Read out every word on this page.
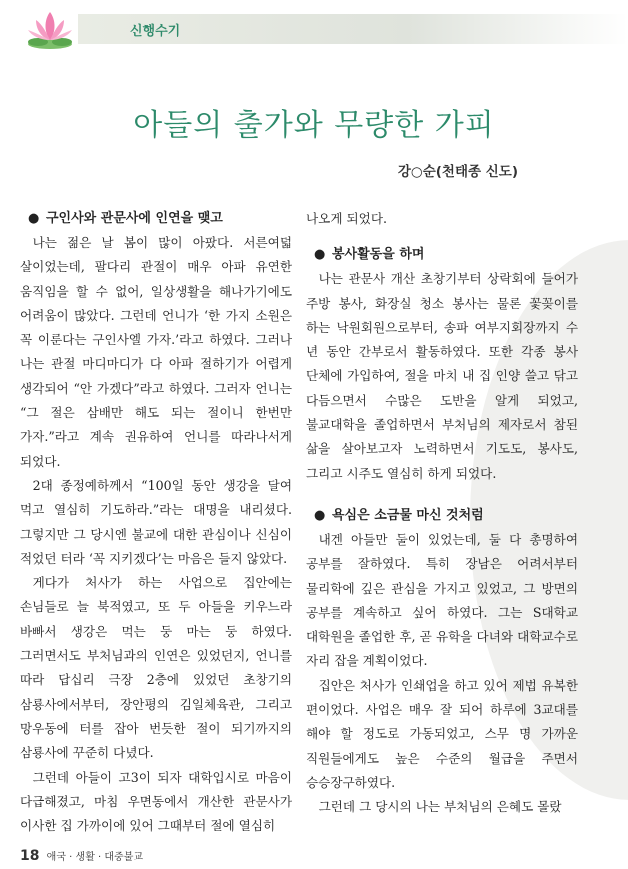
신행수기
아들의 출가와 무량한 가피
강○순(천태종 신도)
● 구인사와 관문사에 인연을 맺고

나는 젊은 날 봄이 많이 아팠다. 서른여덟 살이었는데, 팔다리 관절이 매우 아파 유연한 움직임을 할 수 없어, 일상생활을 해나가기에도 어려움이 많았다. 그런데 언니가 ‘한 가지 소원은 꼭 이룬다는 구인사엘 가자.’라고 하였다. 그러나 나는 관절 마디마디가 다 아파 절하기가 어렵게 생각되어 “안 가겠다”라고 하였다. 그러자 언니는 “그 절은 삼배만 해도 되는 절이니 한번만 가자.”라고 계속 권유하여 언니를 따라나서게 되었다.

2대 종정예하께서 “100일 동안 생강을 달여 먹고 열심히 기도하라.”라는 대명을 내리셨다. 그렇지만 그 당시엔 불교에 대한 관심이나 신심이 적었던 터라 ‘꼭 지키겠다’는 마음은 들지 않았다.

게다가 처사가 하는 사업으로 집안에는 손님들로 늘 북적였고, 또 두 아들을 키우느라 바빠서 생강은 먹는 둥 마는 둥 하였다. 그러면서도 부처님과의 인연은 있었던지, 언니를 따라 답십리 극장 2층에 있었던 초창기의 삼룡사에서부터, 장안평의 김일체육관, 그리고 망우동에 터를 잡아 번듯한 절이 되기까지의 삼룡사에 꾸준히 다녔다.

그런데 아들이 고3이 되자 대학입시로 마음이 다급해졌고, 마침 우면동에서 개산한 관문사가 이사한 집 가까이에 있어 그때부터 절에 열심히

나오게 되었다.

● 봉사활동을 하며

나는 관문사 개산 초창기부터 상락회에 들어가 주방 봉사, 화장실 청소 봉사는 물론 꽃꽂이를 하는 낙원회원으로부터, 송파 여부지회장까지 수 년 동안 간부로서 활동하였다. 또한 각종 봉사 단체에 가입하여, 절을 마치 내 집 인양 쓸고 닦고 다듬으면서 수많은 도반을 알게 되었고, 불교대학을 졸업하면서 부처님의 제자로서 참된 삶을 살아보고자 노력하면서 기도도, 봉사도, 그리고 시주도 열심히 하게 되었다.

● 욕심은 소금물 마신 것처럼

내겐 아들만 둘이 있었는데, 둘 다 총명하여 공부를 잘하였다. 특히 장남은 어려서부터 물리학에 깊은 관심을 가지고 있었고, 그 방면의 공부를 계속하고 싶어 하였다. 그는 S대학교 대학원을 졸업한 후, 곧 유학을 다녀와 대학교수로 자리 잡을 계획이었다.

집안은 처사가 인쇄업을 하고 있어 제법 유복한 편이었다. 사업은 매우 잘 되어 하루에 3교대를 해야 할 정도로 가동되었고, 스무 명 가까운 직원들에게도 높은 수준의 월급을 주면서 승승장구하였다.

그런데 그 당시의 나는 부처님의 은혜도 몰랐

18 애국 · 생활 · 대중불교
